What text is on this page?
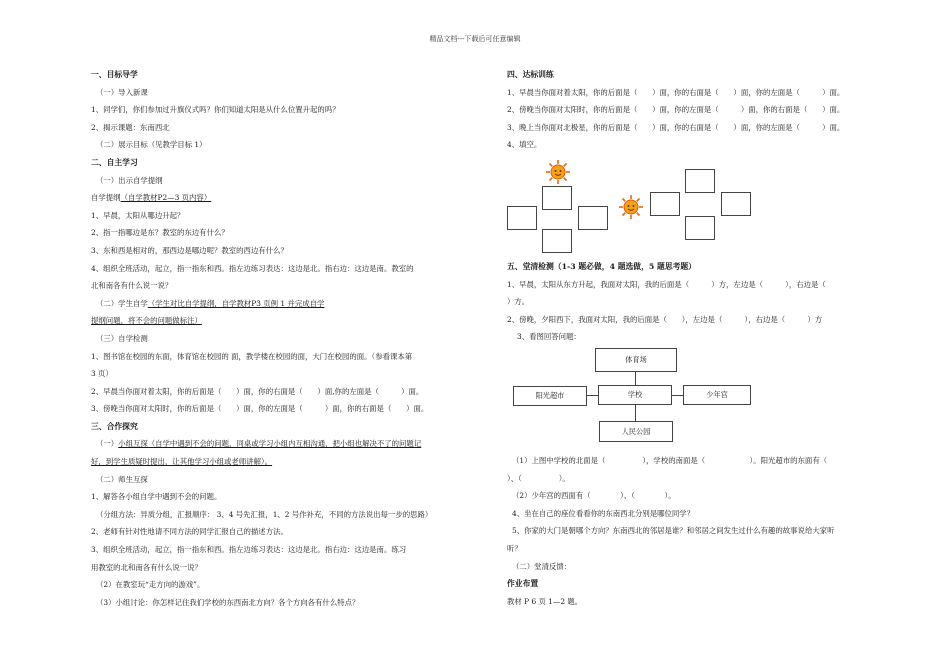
精品文档---下载后可任意编辑
一、目标导学
（一）导入新课
1、同学们，你们参加过升旗仪式吗？你们知道太阳是从什么位置升起的吗？
2、揭示课题：东南西北
（二）展示目标（见教学目标 1）
二、自主学习
（一）出示自学提纲
自学提纲（自学教材P2—3 页内容）
1、早晨，太阳从哪边升起？
2、指一指哪边是东？教室的东边有什么？
3、东和西是相对的，那西边是哪边呢？教室的西边有什么？
4、组织全班活动，起立，指一指东和西。指左边练习表达：这边是北。指右边：这边是南。教室的
北和南各有什么说一说？
（二）学生自学（学生对比自学提纲，自学教材P3 页例 1 并完成自学
提纲问题，将不会的问题做标注）
（三）自学检测
1、图书馆在校园的东面，体育馆在校园的 面，教学楼在校园的面，大门在校园的面。（参看课本第
3 页）
2、早晨当你面对着太阳，你的后面是（　　）面，你的右面是（　　）面,你的左面是（　　　）面。
3、傍晚当你面对太阳时，你的后面是（　　）面，你的左面是（　　　）面，你的右面是（　　）面。
三、合作探究
（一）小组互探（自学中遇到不会的问题，同桌或学习小组内互相沟通，把小组也解决不了的问题记
好，到学生质疑时提出，让其他学习小组或老师讲解）。
（二）师生互探
1、解答各小组自学中遇到不会的问题。
（分组方法：异质分组，汇报顺序： 3、4 号先汇报，1、2 号作补充，不同的方法说出每一步的思路）
2、老师有针对性地请不同方法的同学汇报自己的描述方法。
3、组织全班活动，起立，指一指东和西。指左边练习表达：这边是北。指右边：这边是南。练习
用教室的北和南各有什么说一说？
（2）在教室玩“走方向的游戏”。
（3）小组讨论：你怎样记住我们学校的东西南北方向？各个方向各有什么特点？
四、达标训练
1、早晨当你面对着太阳，你的后面是（　　）面，你的右面是（　　）面，你的左面是（　　　）面。
2、傍晚当你面对太阳时，你的后面是（　　）面，你的左面是（　　　）面，你的右面是（　　）面。
3、晚上当你面对北极星，你的后面是（　　）面，你的右面是（　　）面，你的左面是（　　　）面。
4、填空。
五、堂清检测（1-3 题必做，4 题选做，5 题思考题）
1、早晨，太阳从东方升起，我面对太阳，我的后面是（　　　）方，左边是（　　　），右边是（
）方。
2、傍晚，夕阳西下，我面对太阳，我的后面是（　　），左边是（　　　），右边是（　　　）方
3、看图回答问题：
体育场
阳光超市	学校	少年宫
人民公园
（1）上图中学校的北面是（　　　　　），学校的南面是（　　　　　　）。阳光超市的东面有（
）、（　　　　　）。
（2）少年宫的西面有（　　　　）、（　　　　）。
4、坐在自己的座位看看你的东南西北分别是哪位同学？
5、你家的大门是朝哪个方向？东南西北的邻居是谁？和邻居之间发生过什么有趣的故事说给大家听
听？
（二）堂清反馈：
作业布置
教材 P 6 页 1—2 题。
